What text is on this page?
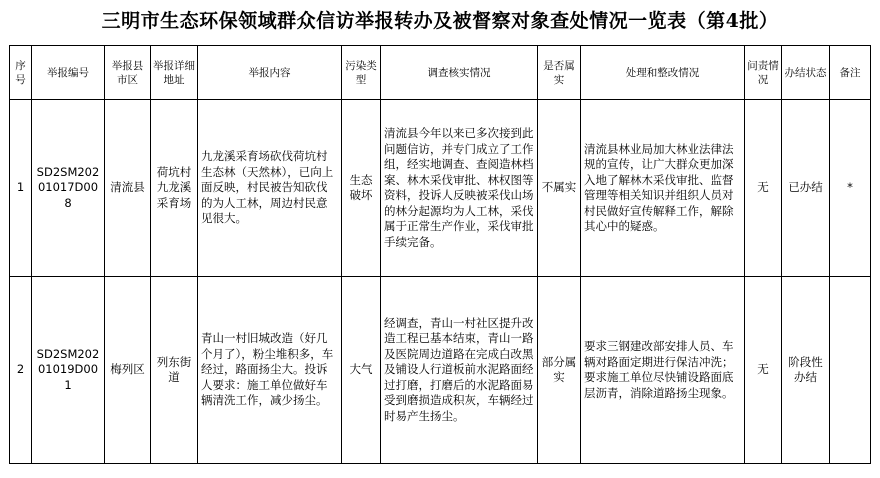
三明市生态环保领域群众信访举报转办及被督察对象查处情况一览表（第4批）
序号	举报编号	举报县市区	举报详细地址	举报内容	污染类型	调查核实情况	是否属实	处理和整改情况	问责情况	办结状态	备注
1	SD2SM20201017D008	清流县	荷坑村九龙溪采育场	九龙溪采育场砍伐荷坑村生态林（天然林），已向上面反映，村民被告知砍伐的为人工林，周边村民意见很大。	生态破坏	清流县今年以来已多次接到此问题信访，并专门成立了工作组，经实地调查、查阅造林档案、林木采伐审批、林权图等资料，投诉人反映被采伐山场的林分起源均为人工林，采伐属于正常生产作业，采伐审批手续完备。	不属实	清流县林业局加大林业法律法规的宣传，让广大群众更加深入地了解林木采伐审批、监督管理等相关知识并组织人员对村民做好宣传解释工作，解除其心中的疑惑。	无	已办结	*
2	SD2SM20201019D001	梅列区	列东街道	青山一村旧城改造（好几个月了），粉尘堆积多，车经过，路面扬尘大。投诉人要求：施工单位做好车辆清洗工作，减少扬尘。	大气	经调查，青山一村社区提升改造工程已基本结束，青山一路及医院周边道路在完成白改黑及铺设人行道板前水泥路面经过打磨，打磨后的水泥路面易受到磨损造成积灰，车辆经过时易产生扬尘。	部分属实	要求三钢建改部安排人员、车辆对路面定期进行保洁冲洗；要求施工单位尽快铺设路面底层沥青，消除道路扬尘现象。	无	阶段性办结	
